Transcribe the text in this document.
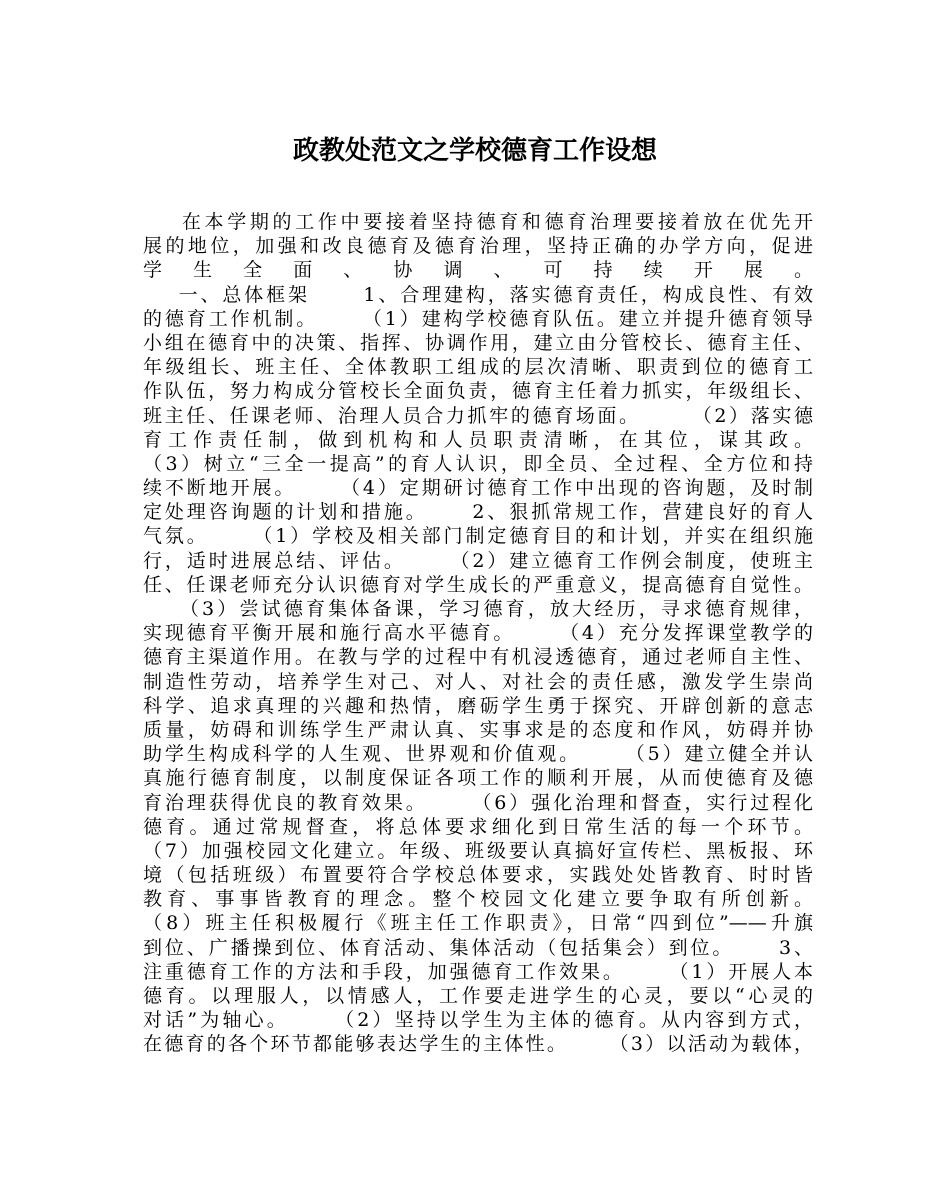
政教处范文之学校德育工作设想
在本学期的工作中要接着坚持德育和德育治理要接着放在优先开
展的地位，加强和改良德育及德育治理，坚持正确的办学方向，促进
学生全面、协调、可持续开展。
一、总体框架      1、合理建构，落实德育责任，构成良性、有效
的德育工作机制。     （1）建构学校德育队伍。建立并提升德育领导
小组在德育中的决策、指挥、协调作用，建立由分管校长、德育主任、
年级组长、班主任、全体教职工组成的层次清晰、职责到位的德育工
作队伍，努力构成分管校长全面负责，德育主任着力抓实，年级组长、
班主任、任课老师、治理人员合力抓牢的德育场面。      （2）落实德
育工作责任制，做到机构和人员职责清晰，在其位，谋其政。
（3）树立“三全一提高”的育人认识，即全员、全过程、全方位和持
续不断地开展。     （4）定期研讨德育工作中出现的咨询题，及时制
定处理咨询题的计划和措施。     2、狠抓常规工作，营建良好的育人
气氛。     （1）学校及相关部门制定德育目的和计划，并实在组织施
行，适时进展总结、评估。     （2）建立德育工作例会制度，使班主
任、任课老师充分认识德育对学生成长的严重意义，提高德育自觉性。
（3）尝试德育集体备课，学习德育，放大经历，寻求德育规律，
实现德育平衡开展和施行高水平德育。     （4）充分发挥课堂教学的
德育主渠道作用。在教与学的过程中有机浸透德育，通过老师自主性、
制造性劳动，培养学生对己、对人、对社会的责任感，激发学生崇尚
科学、追求真理的兴趣和热情，磨砺学生勇于探究、开辟创新的意志
质量，妨碍和训练学生严肃认真、实事求是的态度和作风，妨碍并协
助学生构成科学的人生观、世界观和价值观。     （5）建立健全并认
真施行德育制度，以制度保证各项工作的顺利开展，从而使德育及德
育治理获得优良的教育效果。     （6）强化治理和督查，实行过程化
德育。通过常规督查，将总体要求细化到日常生活的每一个环节。
（7）加强校园文化建立。年级、班级要认真搞好宣传栏、黑板报、环
境（包括班级）布置要符合学校总体要求，实践处处皆教育、时时皆
教育、事事皆教育的理念。整个校园文化建立要争取有所创新。
（8）班主任积极履行《班主任工作职责》，日常“四到位”——升旗
到位、广播操到位、体育活动、集体活动（包括集会）到位。     3、
注重德育工作的方法和手段，加强德育工作效果。     （1）开展人本
德育。以理服人，以情感人，工作要走进学生的心灵，要以“心灵的
对话”为轴心。     （2）坚持以学生为主体的德育。从内容到方式，
在德育的各个环节都能够表达学生的主体性。     （3）以活动为载体，
